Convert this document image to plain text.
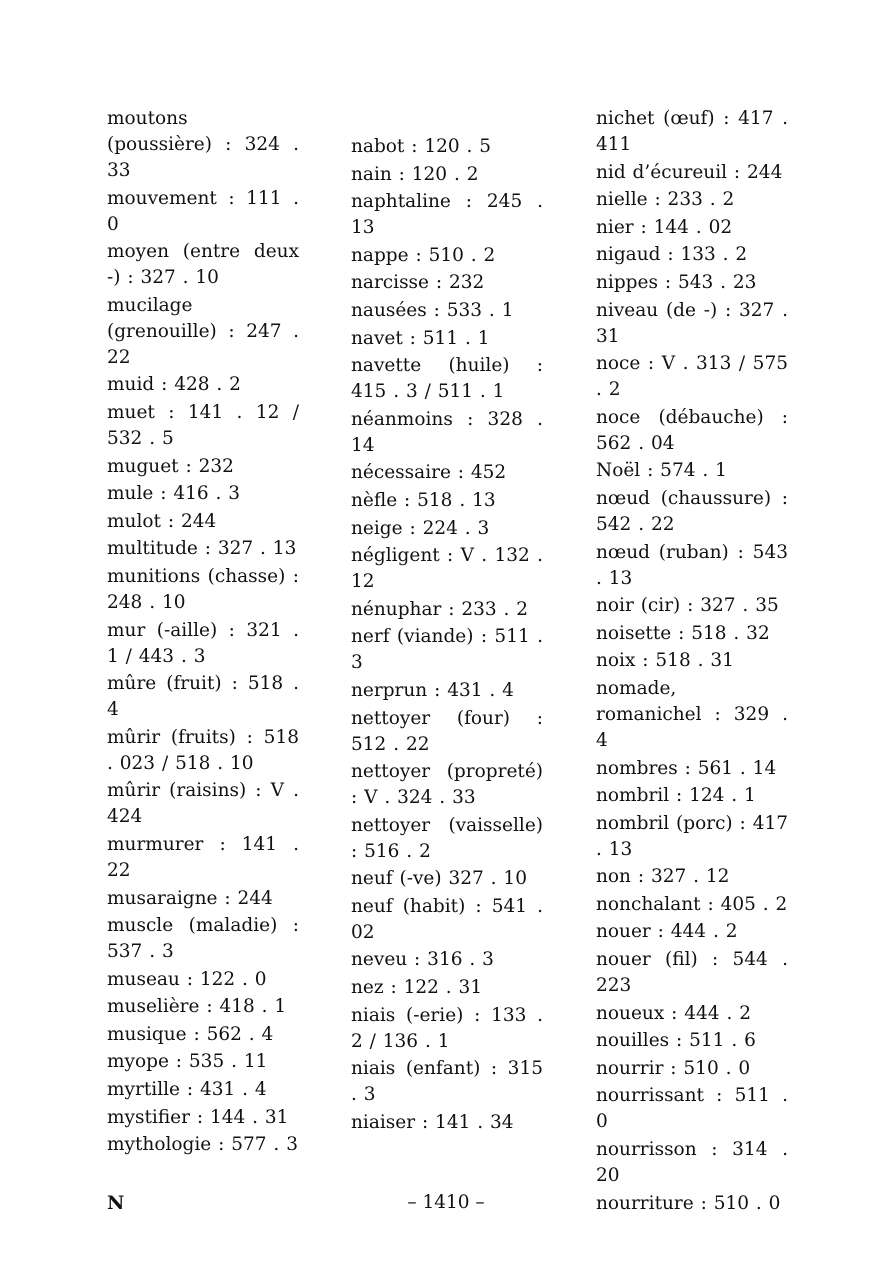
moutons (poussière) : 324 . 33
mouvement : 111 . 0
moyen (entre deux -) : 327 . 10
mucilage (grenouille) : 247 . 22
muid : 428 . 2
muet : 141 . 12 / 532 . 5
muguet : 232
mule : 416 . 3
mulot : 244
multitude : 327 . 13
munitions (chasse) : 248 . 10
mur (-aille) : 321 . 1 / 443 . 3
mûre (fruit) : 518 . 4
mûrir (fruits) : 518 . 023 / 518 . 10
mûrir (raisins) : V . 424
murmurer : 141 . 22
musaraigne : 244
muscle (maladie) : 537 . 3
museau : 122 . 0
muselière : 418 . 1
musique : 562 . 4
myope : 535 . 11
myrtille : 431 . 4
mystifier : 144 . 31
mythologie : 577 . 3
N
nabot : 120 . 5
nain : 120 . 2
naphtaline : 245 . 13
nappe : 510 . 2
narcisse : 232
nausées : 533 . 1
navet : 511 . 1
navette (huile) : 415 . 3 / 511 . 1
néanmoins : 328 . 14
nécessaire : 452
nèfle : 518 . 13
neige : 224 . 3
négligent : V . 132 . 12
nénuphar : 233 . 2
nerf (viande) : 511 . 3
nerprun : 431 . 4
nettoyer (four) : 512 . 22
nettoyer (propreté) : V . 324 . 33
nettoyer (vaisselle) : 516 . 2
neuf (-ve) 327 . 10
neuf (habit) : 541 . 02
neveu : 316 . 3
nez : 122 . 31
niais (-erie) : 133 . 2 / 136 . 1
niais (enfant) : 315 . 3
niaiser : 141 . 34
nichet (œuf) : 417 . 411
nid d’écureuil : 244
nielle : 233 . 2
nier : 144 . 02
nigaud : 133 . 2
nippes : 543 . 23
niveau (de -) : 327 . 31
noce : V . 313 / 575 . 2
noce (débauche) : 562 . 04
Noël : 574 . 1
nœud (chaussure) : 542 . 22
nœud (ruban) : 543 . 13
noir (cir) : 327 . 35
noisette : 518 . 32
noix : 518 . 31
nomade, romanichel : 329 . 4
nombres : 561 . 14
nombril : 124 . 1
nombril (porc) : 417 . 13
non : 327 . 12
nonchalant : 405 . 2
nouer : 444 . 2
nouer (fil) : 544 . 223
noueux : 444 . 2
nouilles : 511 . 6
nourrir : 510 . 0
nourrissant : 511 . 0
nourrisson : 314 . 20
nourriture : 510 . 0
– 1410 –
